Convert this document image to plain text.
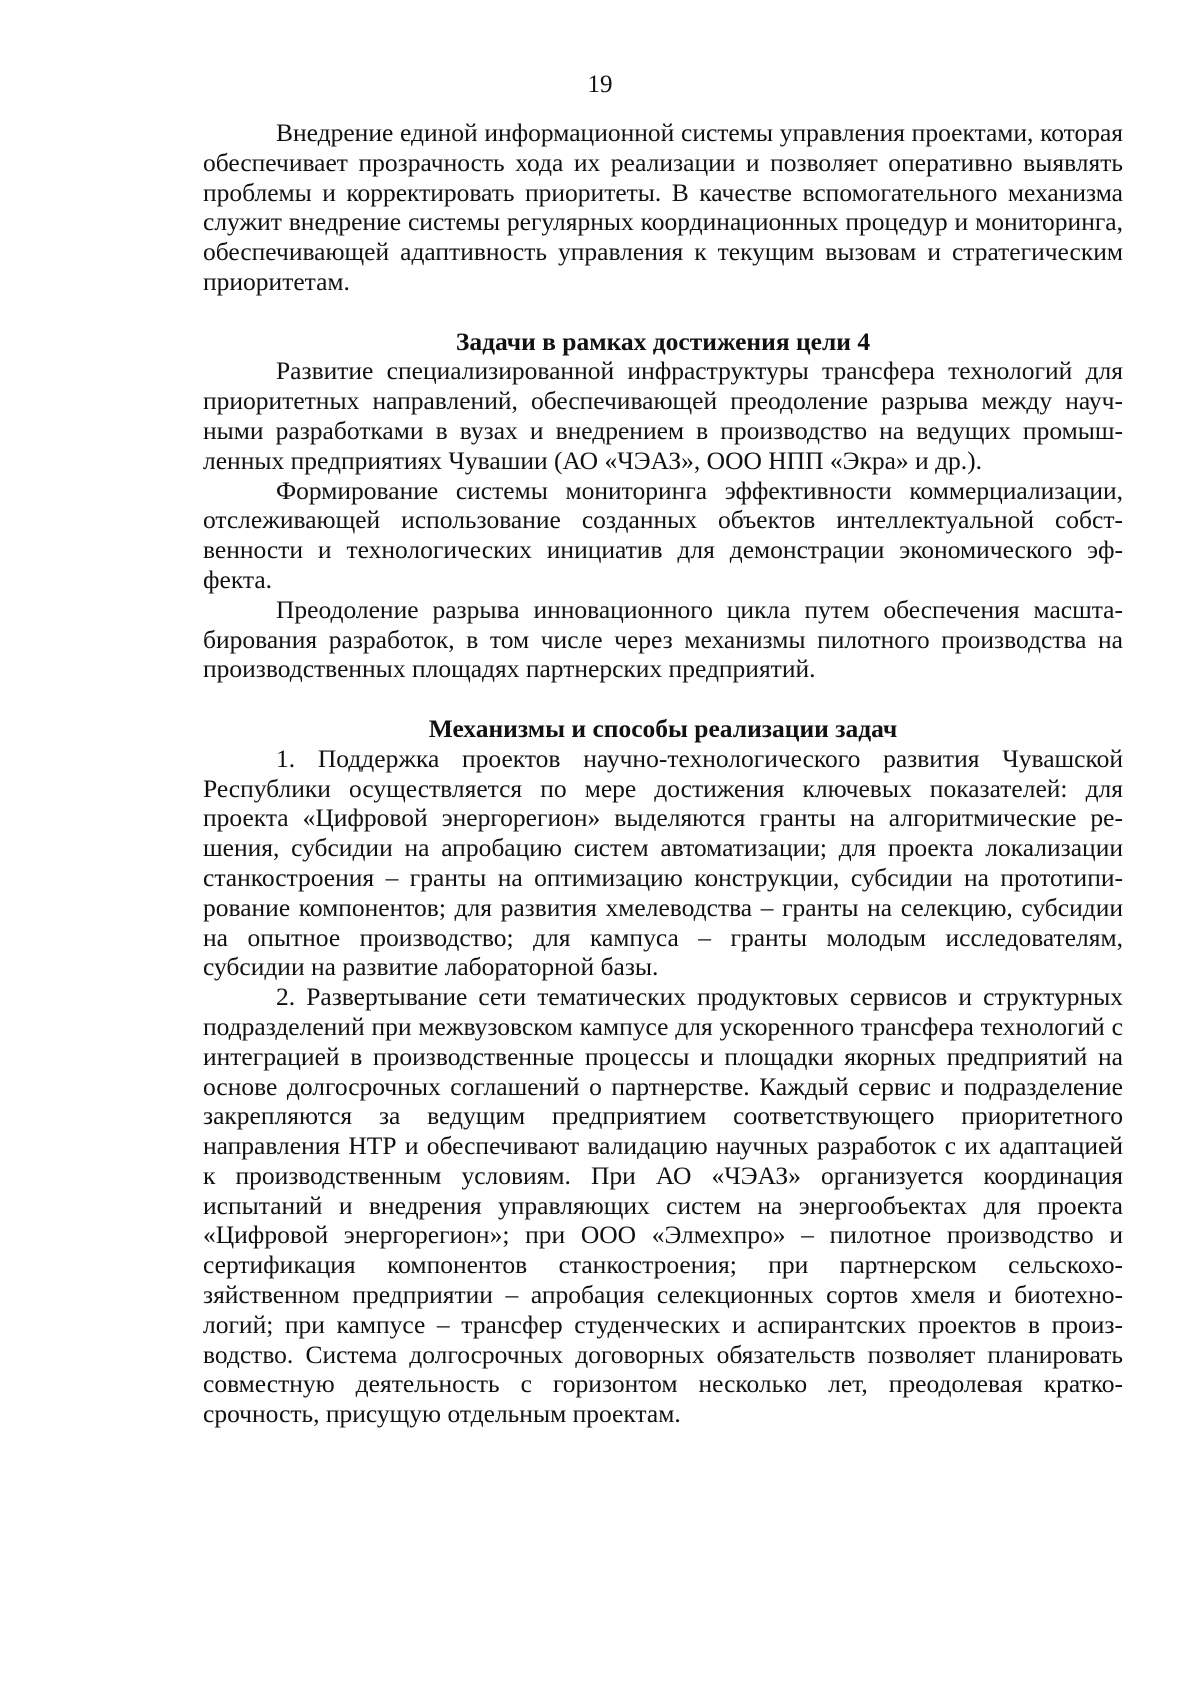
19

Внедрение единой информационной системы управления проектами, которая обеспечивает прозрачность хода их реализации и позволяет оперативно выявлять проблемы и корректировать приоритеты. В качестве вспомогательного механизма служит внедрение системы регулярных координационных процедур и мониторинга, обеспечивающей адаптивность управления к текущим вызовам и стратегическим приоритетам.

Задачи в рамках достижения цели 4

Развитие специализированной инфраструктуры трансфера технологий для приоритетных направлений, обеспечивающей преодоление разрыва между научными разработками в вузах и внедрением в производство на ведущих промышленных предприятиях Чувашии (АО «ЧЭАЗ», ООО НПП «Экра» и др.).

Формирование системы мониторинга эффективности коммерциализации, отслеживающей использование созданных объектов интеллектуальной собственности и технологических инициатив для демонстрации экономического эффекта.

Преодоление разрыва инновационного цикла путем обеспечения масштабирования разработок, в том числе через механизмы пилотного производства на производственных площадях партнерских предприятий.

Механизмы и способы реализации задач

1. Поддержка проектов научно-технологического развития Чувашской Республики осуществляется по мере достижения ключевых показателей: для проекта «Цифровой энергорегион» выделяются гранты на алгоритмические решения, субсидии на апробацию систем автоматизации; для проекта локализации станкостроения – гранты на оптимизацию конструкции, субсидии на прототипирование компонентов; для развития хмелеводства – гранты на селекцию, субсидии на опытное производство; для кампуса – гранты молодым исследователям, субсидии на развитие лабораторной базы.

2. Развертывание сети тематических продуктовых сервисов и структурных подразделений при межвузовском кампусе для ускоренного трансфера технологий с интеграцией в производственные процессы и площадки якорных предприятий на основе долгосрочных соглашений о партнерстве. Каждый сервис и подразделение закрепляются за ведущим предприятием соответствующего приоритетного направления НТР и обеспечивают валидацию научных разработок с их адаптацией к производственным условиям. При АО «ЧЭАЗ» организуется координация испытаний и внедрения управляющих систем на энергообъектах для проекта «Цифровой энергорегион»; при ООО «Элмехпро» – пилотное производство и сертификация компонентов станкостроения; при партнерском сельскохозяйственном предприятии – апробация селекционных сортов хмеля и биотехнологий; при кампусе – трансфер студенческих и аспирантских проектов в производство. Система долгосрочных договорных обязательств позволяет планировать совместную деятельность с горизонтом несколько лет, преодолевая краткосрочность, присущую отдельным проектам.
